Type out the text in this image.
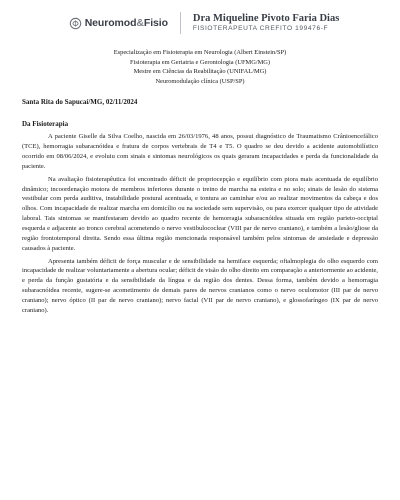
Neuromod&Fisio Dra Miqueline Pivoto Faria Dias
FISIOTERAPEUTA CREFITO 199476-F
Especialização em Fisioterapia em Neurologia (Albert Einstein/SP)
Fisioterapia em Geriatria e Gerontologia (UFMG/MG)
Mestre em Ciências da Reabilitação (UNIFAL/MG)
Neuromodulação clínica (USP/SP)
Santa Rita do Sapucaí/MG, 02/11/2024
Da Fisioterapia

A paciente Giselle da Silva Coelho, nascida em 26/03/1976, 48 anos, possui diagnóstico de Traumatismo Crânioencefálico (TCE), hemorragia subaracnóidea e fratura de corpos vertebrais de T4 e T5. O quadro se deu devido a acidente automobilístico ocorrido em 08/06/2024, e evoluiu com sinais e sintomas neurológicos os quais geraram incapacidades e perda da funcionalidade da paciente.

Na avaliação fisioterapêutica foi encontrado déficit de propriocepção e equilíbrio com piora mais acentuada de equilíbrio dinâmico; incoordenação motora de membros inferiores durante o treino de marcha na esteira e no solo; sinais de lesão do sistema vestibular com perda auditiva, instabilidade postural acentuada, e tontura ao caminhar e/ou ao realizar movimentos da cabeça e dos olhos. Com incapacidade de realizar marcha em domicílio ou na sociedade sem supervisão, ou para exercer qualquer tipo de atividade laboral. Tais sintomas se manifestaram devido ao quadro recente de hemorragia subaracnóidea situada em região parieto-occiptal esquerda e adjacente ao tronco cerebral acometendo o nervo vestibulococlear (VIII par de nervo craniano), e também a lesão/gliose da região frontotemporal direita. Sendo essa última região mencionada responsável também pelos sintomas de ansiedade e depressão causados à paciente.

Apresenta também déficit de força muscular e de sensibilidade na hemiface esquerda; oftalmoplegia do olho esquerdo com incapacidade de realizar voluntariamente a abertura ocular; déficit de visão do olho direito em comparação a anteriormente ao acidente, e perda da função gustatória e da sensibilidade da língua e da região dos dentes. Dessa forma, também devido a hemorragia subaracnóidea recente, sugere-se acometimento de demais pares de nervos cranianos como o nervo oculomotor (III par de nervo craniano); nervo óptico (II par de nervo craniano); nervo facial (VII par de nervo craniano), e glossofaríngeo (IX par de nervo craniano).
